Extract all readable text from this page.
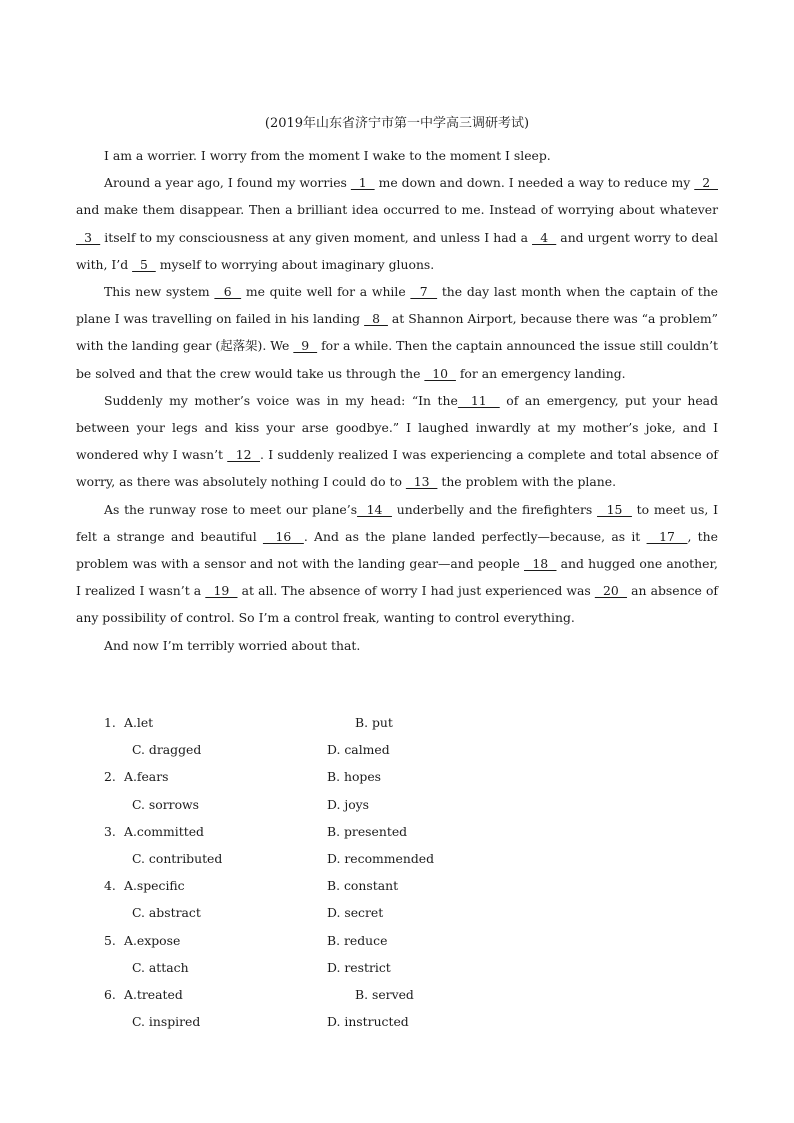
(2019年山东省济宁市第一中学高三调研考试)

I am a worrier. I worry from the moment I wake to the moment I sleep.

Around a year ago, I found my worries   1   me down and down. I needed a way to reduce my   2   and make them disappear. Then a brilliant idea occurred to me. Instead of worrying about whatever   3   itself to my consciousness at any given moment, and unless I had a   4   and urgent worry to deal with, I’d   5   myself to worrying about imaginary gluons.

This new system   6   me quite well for a while   7   the day last month when the captain of the plane I was travelling on failed in his landing   8   at Shannon Airport, because there was “a problem” with the landing gear (起落架). We   9   for a while. Then the captain announced the issue still couldn’t be solved and that the crew would take us through the   10   for an emergency landing.

Suddenly my mother’s voice was in my head: “In the  11   of an emergency, put your head between your legs and kiss your arse goodbye.” I laughed inwardly at my mother’s joke, and I wondered why I wasn’t   12  . I suddenly realized I was experiencing a complete and total absence of worry, as there was absolutely nothing I could do to   13   the problem with the plane.

As the runway rose to meet our plane’s  14   underbelly and the firefighters   15   to meet us, I felt a strange and beautiful   16  . And as the plane landed perfectly—because, as it   17  , the problem was with a sensor and not with the landing gear—and people   18   and hugged one another, I realized I wasn’t a   19   at all. The absence of worry I had just experienced was   20   an absence of any possibility of control. So I’m a control freak, wanting to control everything.

And now I’m terribly worried about that.

1. A.let	B. put
C. dragged	D. calmed
2. A.fears	B. hopes
C. sorrows	D. joys
3. A.committed	B. presented
C. contributed	D. recommended
4. A.specific	B. constant
C. abstract	D. secret
5. A.expose	B. reduce
C. attach	D. restrict
6. A.treated	B. served
C. inspired	D. instructed
